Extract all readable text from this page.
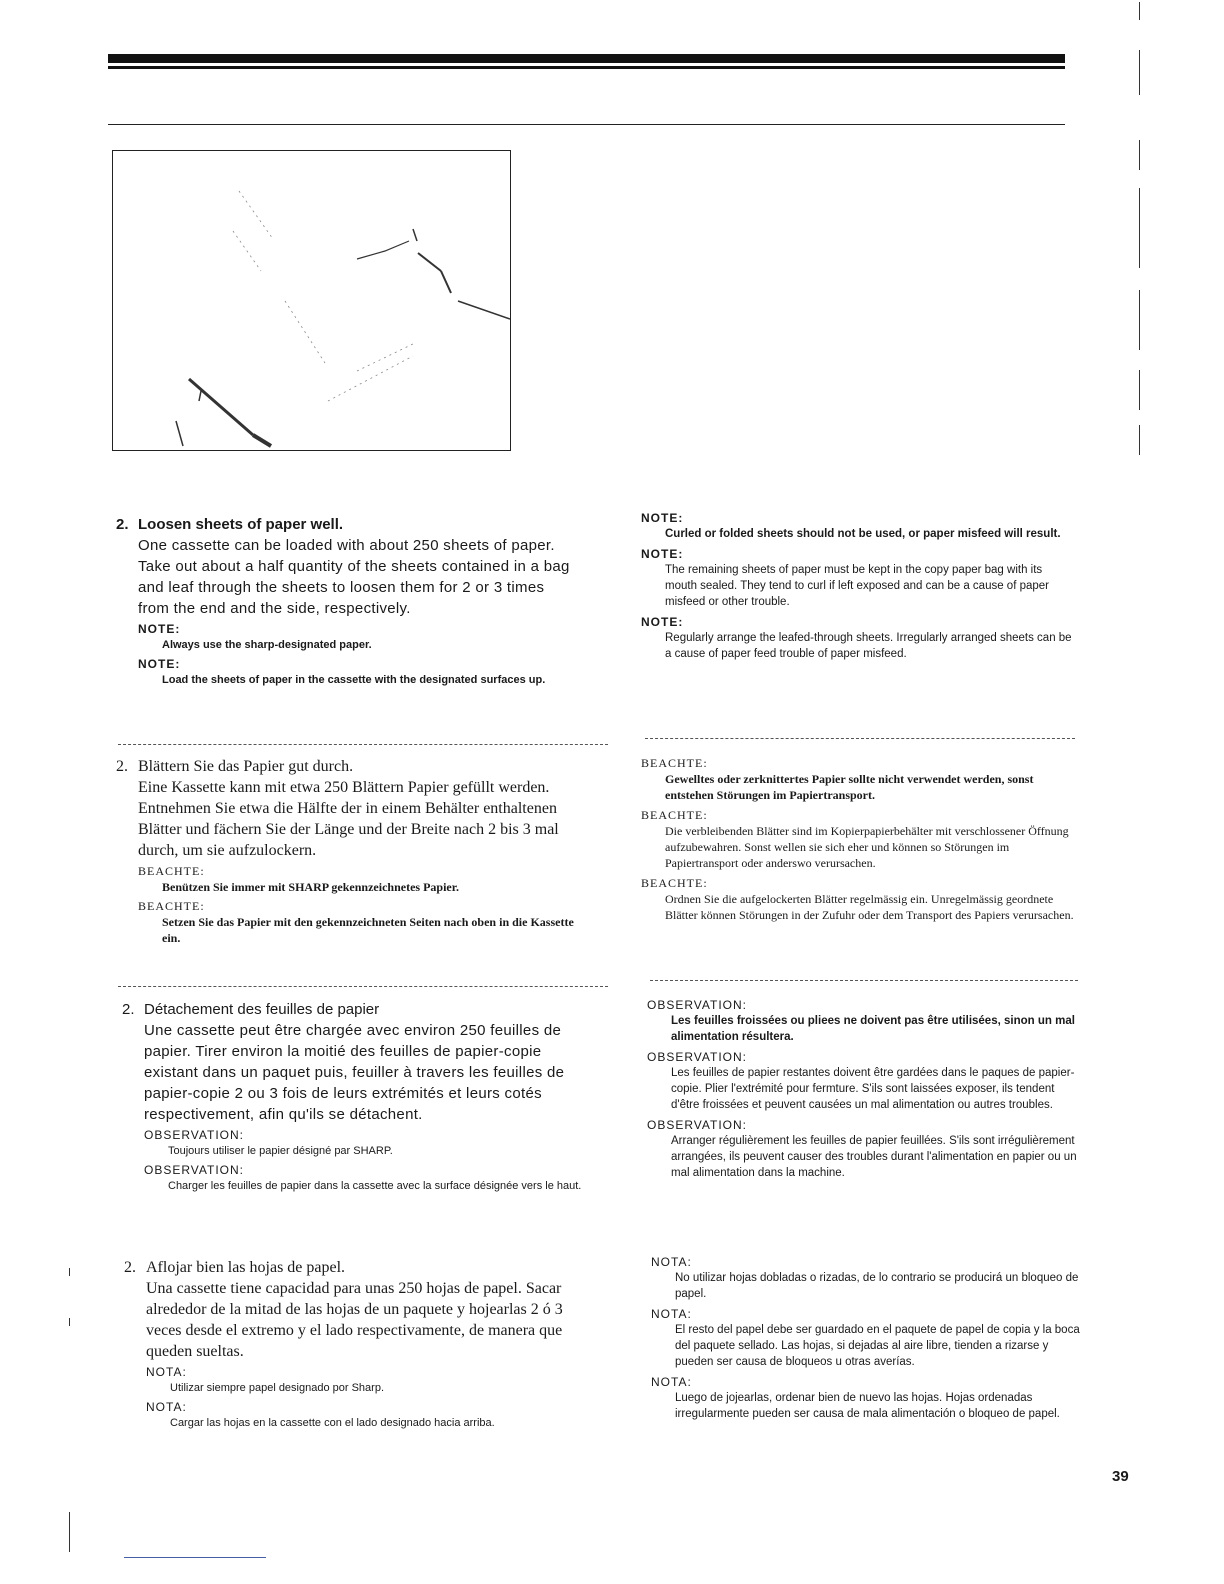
2. Loosen sheets of paper well.
One cassette can be loaded with about 250 sheets of paper. Take out about a half quantity of the sheets contained in a bag and leaf through the sheets to loosen them for 2 or 3 times from the end and the side, respectively.
NOTE:
Always use the sharp-designated paper.
NOTE:
Load the sheets of paper in the cassette with the designated surfaces up.
NOTE:
Curled or folded sheets should not be used, or paper misfeed will result.
NOTE:
The remaining sheets of paper must be kept in the copy paper bag with its mouth sealed. They tend to curl if left exposed and can be a cause of paper misfeed or other trouble.
NOTE:
Regularly arrange the leafed-through sheets. Irregularly arranged sheets can be a cause of paper feed trouble of paper misfeed.
2. Blättern Sie das Papier gut durch.
Eine Kassette kann mit etwa 250 Blättern Papier gefüllt werden. Entnehmen Sie etwa die Hälfte der in einem Behälter enthaltenen Blätter und fächern Sie der Länge und der Breite nach 2 bis 3 mal durch, um sie aufzulockern.
BEACHTE:
Benützen Sie immer mit SHARP gekennzeichnetes Papier.
BEACHTE:
Setzen Sie das Papier mit den gekennzeichneten Seiten nach oben in die Kassette ein.
BEACHTE:
Gewelltes oder zerknittertes Papier sollte nicht verwendet werden, sonst entstehen Störungen im Papiertransport.
BEACHTE:
Die verbleibenden Blätter sind im Kopierpapierbehälter mit verschlossener Öffnung aufzubewahren. Sonst wellen sie sich eher und können so Störungen im Papiertransport oder anderswo verursachen.
BEACHTE:
Ordnen Sie die aufgelockerten Blätter regelmässig ein. Unregelmässig geordnete Blätter können Störungen in der Zufuhr oder dem Transport des Papiers verursachen.
2. Détachement des feuilles de papier
Une cassette peut être chargée avec environ 250 feuilles de papier. Tirer environ la moitié des feuilles de papier-copie existant dans un paquet puis, feuiller à travers les feuilles de papier-copie 2 ou 3 fois de leurs extrémités et leurs cotés respectivement, afin qu'ils se détachent.
OBSERVATION:
Toujours utiliser le papier désigné par SHARP.
OBSERVATION:
Charger les feuilles de papier dans la cassette avec la surface désignée vers le haut.
OBSERVATION:
Les feuilles froissées ou pliees ne doivent pas être utilisées, sinon un mal alimentation résultera.
OBSERVATION:
Les feuilles de papier restantes doivent être gardées dans le paques de papier-copie. Plier l'extrémité pour fermture. S'ils sont laissées exposer, ils tendent d'être froissées et peuvent causées un mal alimentation ou autres troubles.
OBSERVATION:
Arranger régulièrement les feuilles de papier feuillées. S'ils sont irrégulièrement arrangées, ils peuvent causer des troubles durant l'alimentation en papier ou un mal alimentation dans la machine.
2. Aflojar bien las hojas de papel.
Una cassette tiene capacidad para unas 250 hojas de papel. Sacar alrededor de la mitad de las hojas de un paquete y hojearlas 2 ó 3 veces desde el extremo y el lado respectivamente, de manera que queden sueltas.
NOTA:
Utilizar siempre papel designado por Sharp.
NOTA:
Cargar las hojas en la cassette con el lado designado hacia arriba.
NOTA:
No utilizar hojas dobladas o rizadas, de lo contrario se producirá un bloqueo de papel.
NOTA:
El resto del papel debe ser guardado en el paquete de papel de copia y la boca del paquete sellado. Las hojas, si dejadas al aire libre, tienden a rizarse y pueden ser causa de bloqueos u otras averías.
NOTA:
Luego de jojearlas, ordenar bien de nuevo las hojas. Hojas ordenadas irregularmente pueden ser causa de mala alimentación o bloqueo de papel.
39
